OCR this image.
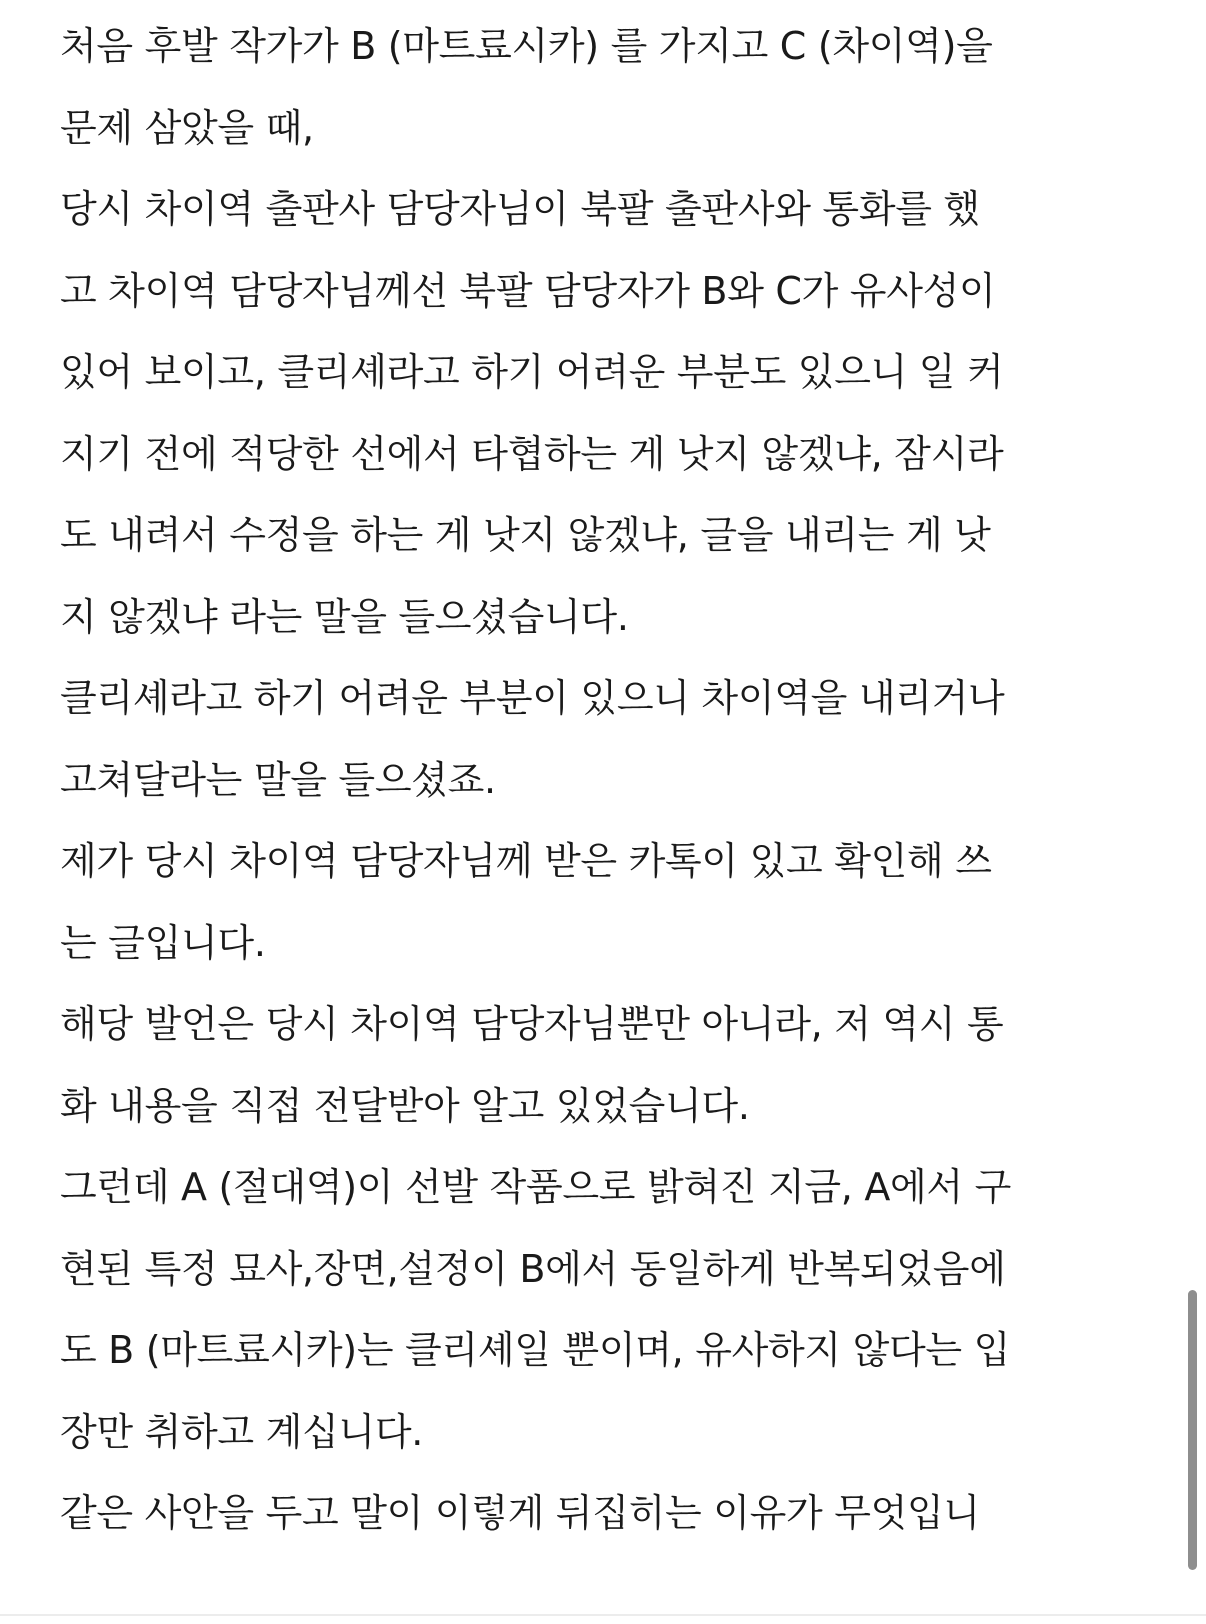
처음 후발 작가가 B (마트료시카) 를 가지고 C (차이역)을
문제 삼았을 때,
당시 차이역 출판사 담당자님이 북팔 출판사와 통화를 했
고 차이역 담당자님께선 북팔 담당자가 B와 C가 유사성이
있어 보이고, 클리셰라고 하기 어려운 부분도 있으니 일 커
지기 전에 적당한 선에서 타협하는 게 낫지 않겠냐, 잠시라
도 내려서 수정을 하는 게 낫지 않겠냐, 글을 내리는 게 낫
지 않겠냐 라는 말을 들으셨습니다.
클리셰라고 하기 어려운 부분이 있으니 차이역을 내리거나
고쳐달라는 말을 들으셨죠.
제가 당시 차이역 담당자님께 받은 카톡이 있고 확인해 쓰
는 글입니다.
해당 발언은 당시 차이역 담당자님뿐만 아니라, 저 역시 통
화 내용을 직접 전달받아 알고 있었습니다.
그런데 A (절대역)이 선발 작품으로 밝혀진 지금, A에서 구
현된 특정 묘사,장면,설정이 B에서 동일하게 반복되었음에
도 B (마트료시카)는 클리셰일 뿐이며, 유사하지 않다는 입
장만 취하고 계십니다.
같은 사안을 두고 말이 이렇게 뒤집히는 이유가 무엇입니
